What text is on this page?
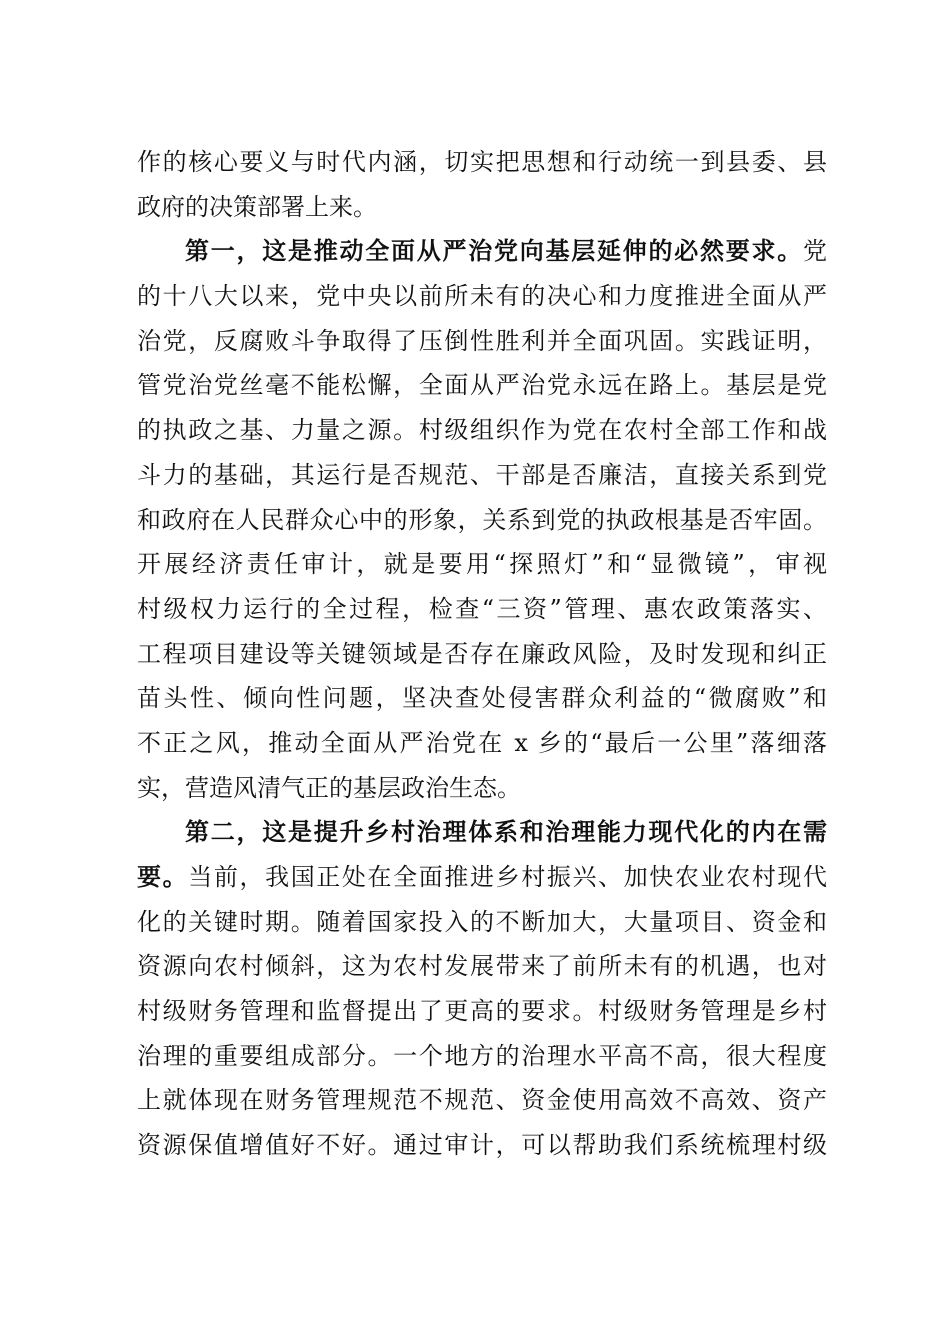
作的核心要义与时代内涵，切实把思想和行动统一到县委、县
政府的决策部署上来。
第一，这是推动全面从严治党向基层延伸的必然要求。党
的十八大以来，党中央以前所未有的决心和力度推进全面从严
治党，反腐败斗争取得了压倒性胜利并全面巩固。实践证明，
管党治党丝毫不能松懈，全面从严治党永远在路上。基层是党
的执政之基、力量之源。村级组织作为党在农村全部工作和战
斗力的基础，其运行是否规范、干部是否廉洁，直接关系到党
和政府在人民群众心中的形象，关系到党的执政根基是否牢固。
开展经济责任审计，就是要用“探照灯”和“显微镜”，审视
村级权力运行的全过程，检查“三资”管理、惠农政策落实、
工程项目建设等关键领域是否存在廉政风险，及时发现和纠正
苗头性、倾向性问题，坚决查处侵害群众利益的“微腐败”和
不正之风，推动全面从严治党在 x 乡的“最后一公里”落细落
实，营造风清气正的基层政治生态。
第二，这是提升乡村治理体系和治理能力现代化的内在需
要。当前，我国正处在全面推进乡村振兴、加快农业农村现代
化的关键时期。随着国家投入的不断加大，大量项目、资金和
资源向农村倾斜，这为农村发展带来了前所未有的机遇，也对
村级财务管理和监督提出了更高的要求。村级财务管理是乡村
治理的重要组成部分。一个地方的治理水平高不高，很大程度
上就体现在财务管理规范不规范、资金使用高效不高效、资产
资源保值增值好不好。通过审计，可以帮助我们系统梳理村级
